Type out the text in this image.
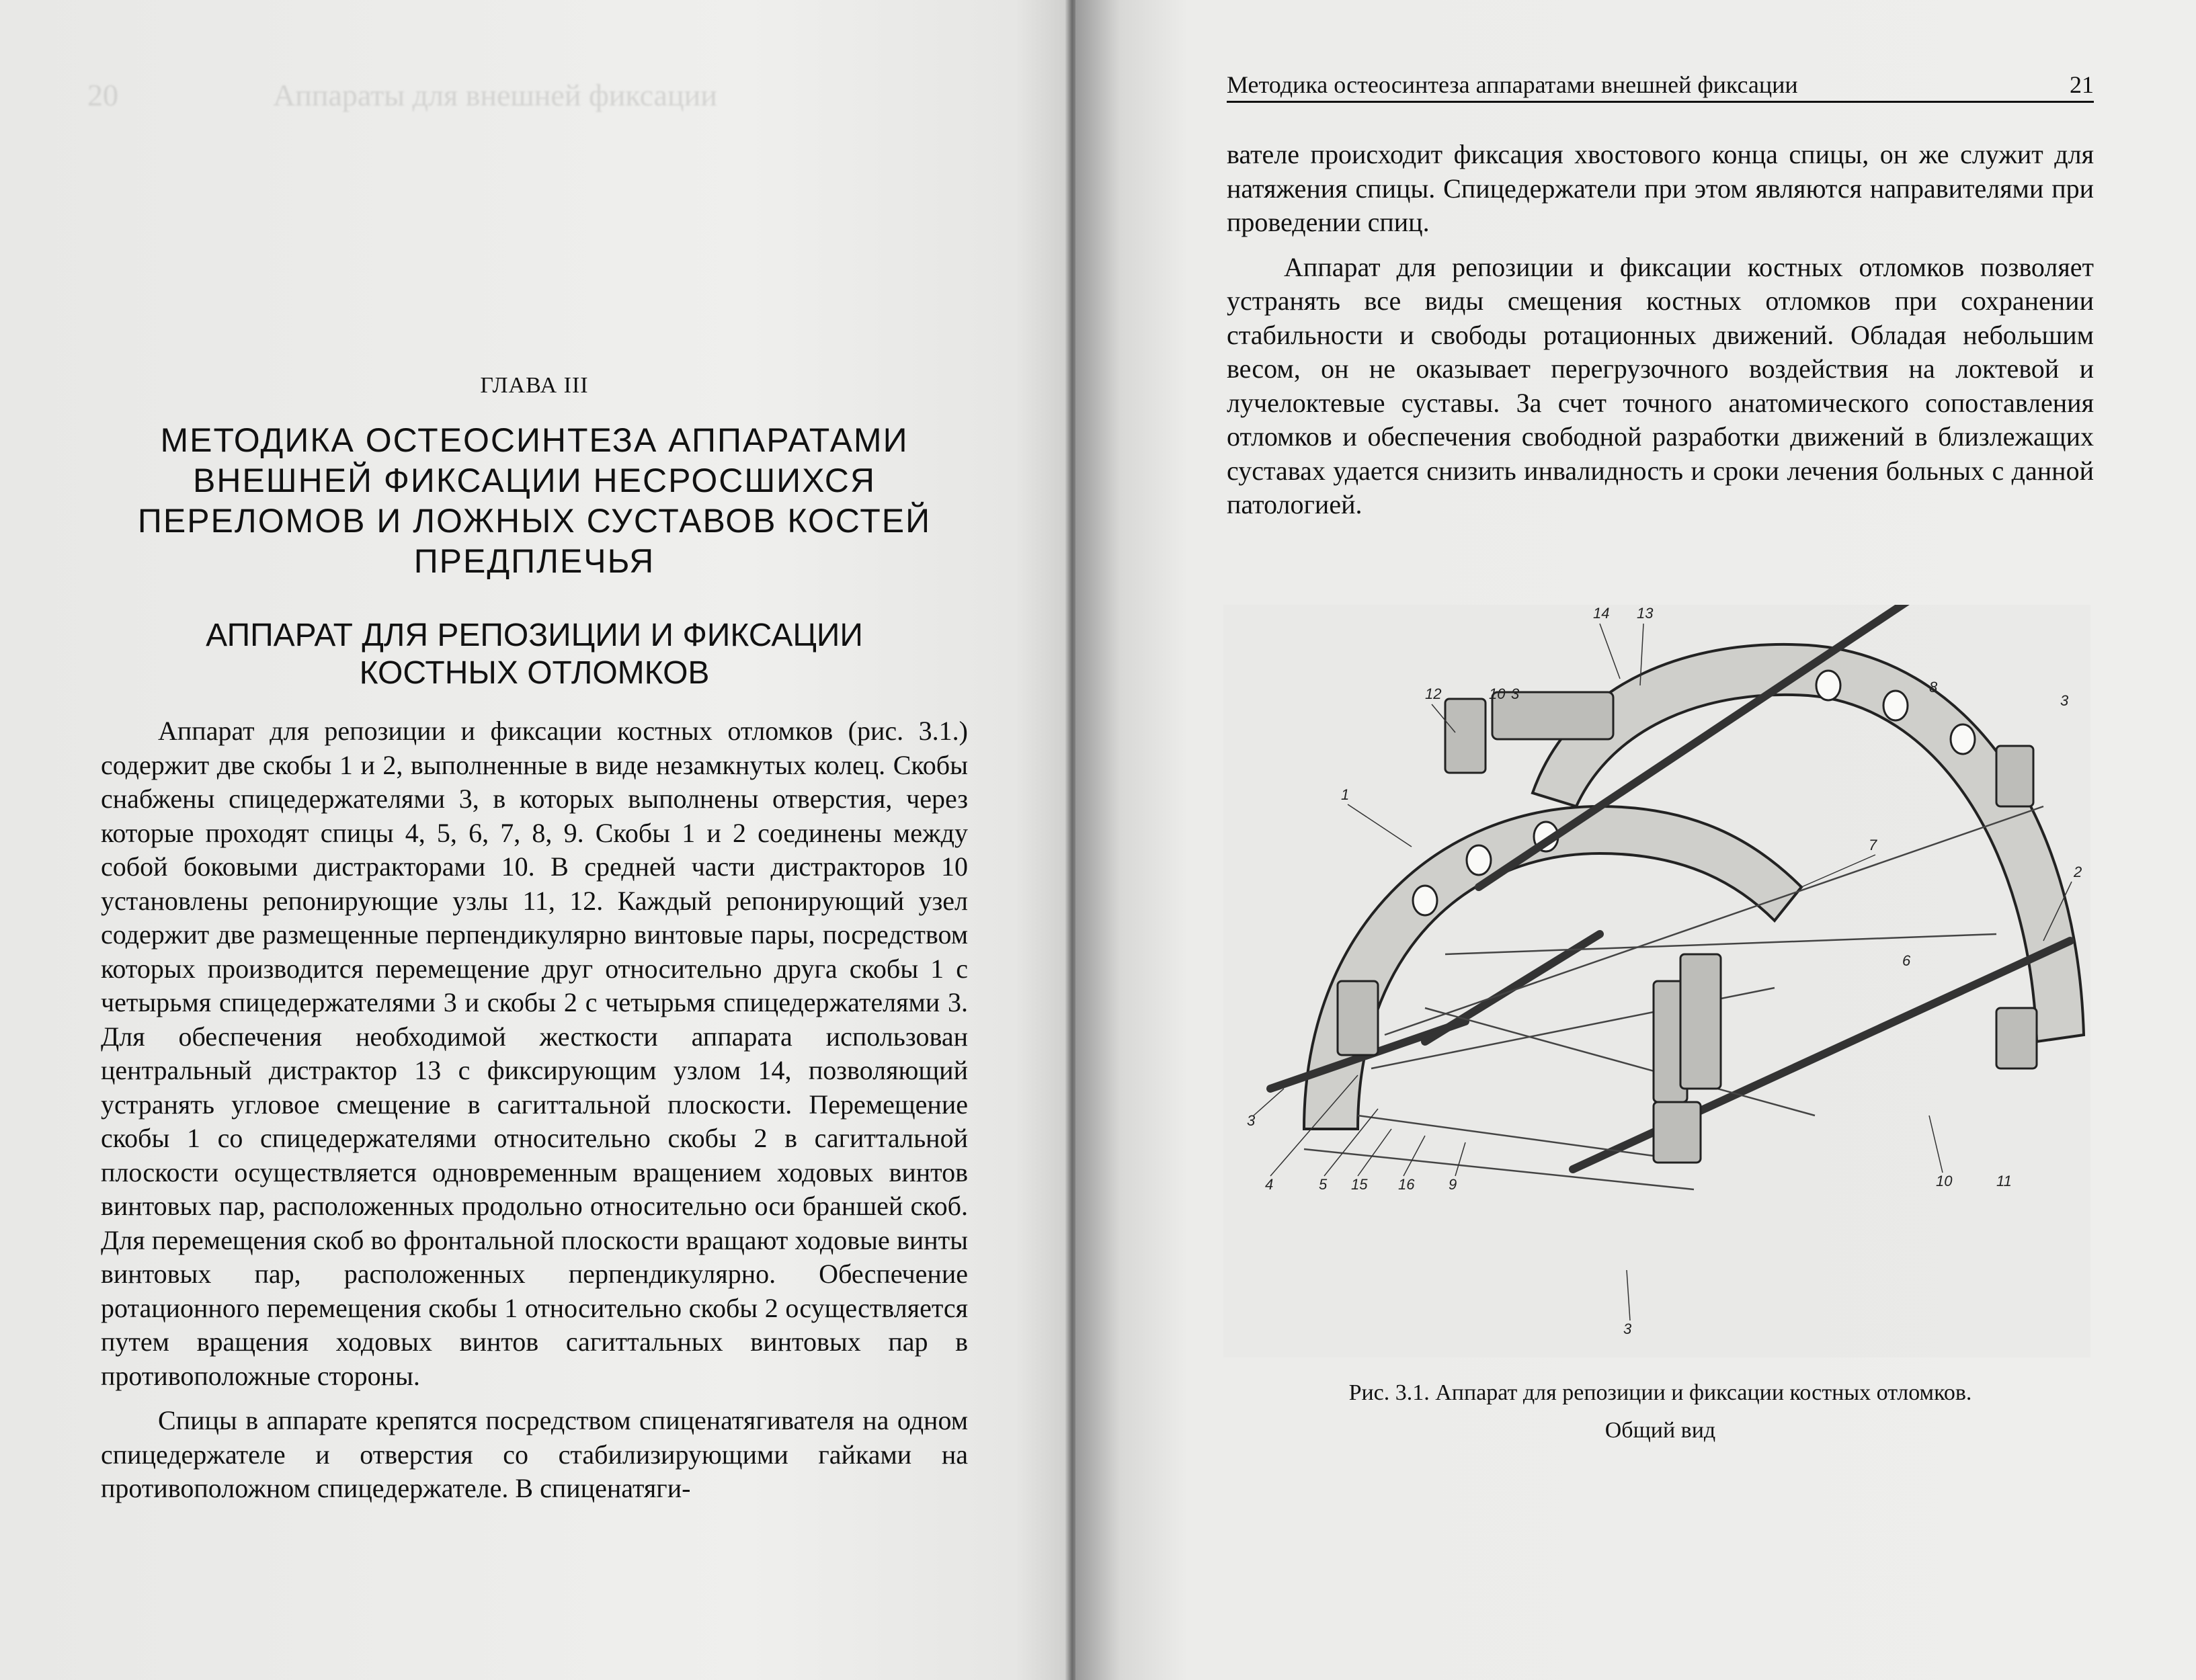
20	Аппараты для внешней фиксации
ГЛАВА III
МЕТОДИКА ОСТЕОСИНТЕЗА АППАРАТАМИ
ВНЕШНЕЙ ФИКСАЦИИ НЕСРОСШИХСЯ
ПЕРЕЛОМОВ И ЛОЖНЫХ СУСТАВОВ КОСТЕЙ
ПРЕДПЛЕЧЬЯ
АППАРАТ ДЛЯ РЕПОЗИЦИИ И ФИКСАЦИИ
КОСТНЫХ ОТЛОМКОВ

Аппарат для репозиции и фиксации костных отломков (рис. 3.1.) содержит две скобы 1 и 2, выполненные в виде незамкнутых колец. Скобы снабжены спицедержателями 3, в которых выполнены отверстия, через которые проходят спицы 4, 5, 6, 7, 8, 9. Скобы 1 и 2 соединены между собой боковыми дистракторами 10. В средней части дистракторов 10 установлены репонирующие узлы 11, 12. Каждый репонирующий узел содержит две размещенные перпендикулярно винтовые пары, посредством которых производится перемещение друг относительно друга скобы 1 с четырьмя спицедержателями 3 и скобы 2 с четырьмя спицедержателями 3. Для обеспечения необходимой жесткости аппарата использован центральный дистрактор 13 с фиксирующим узлом 14, позволяющий устранять угловое смещение в сагиттальной плоскости. Перемещение скобы 1 со спицедержателями относительно скобы 2 в сагиттальной плоскости осуществляется одновременным вращением ходовых винтов винтовых пар, расположенных продольно относительно оси браншей скоб. Для перемещения скоб во фронтальной плоскости вращают ходовые винты винтовых пар, расположенных перпендикулярно. Обеспечение ротационного перемещения скобы 1 относительно скобы 2 осуществляется путем вращения ходовых винтов сагиттальных винтовых пар в противоположные стороны.

Спицы в аппарате крепятся посредством спиценатягивателя на одном спицедержателе и отверстия со стабилизирующими гайками на противоположном спицедержателе. В спиценатяги-

Методика остеосинтеза аппаратами внешней фиксации	21

вателе происходит фиксация хвостового конца спицы, он же служит для натяжения спицы. Спицедержатели при этом являются направителями при проведении спиц.

Аппарат для репозиции и фиксации костных отломков позволяет устранять все виды смещения костных отломков при сохранении стабильности и свободы ротационных движений. Обладая небольшим весом, он не оказывает перегрузочного воздействия на локтевой и лучелоктевые суставы. За счет точного анатомического сопоставления отломков и обеспечения свободной разработки движений в близлежащих суставах удается снизить инвалидность и сроки лечения больных с данной патологией.

14 13
12	10 3	8
3
1
7
2
6
3
4	5 15 16 9	10	11
3
Рис. 3.1. Аппарат для репозиции и фиксации костных отломков.
Общий вид
